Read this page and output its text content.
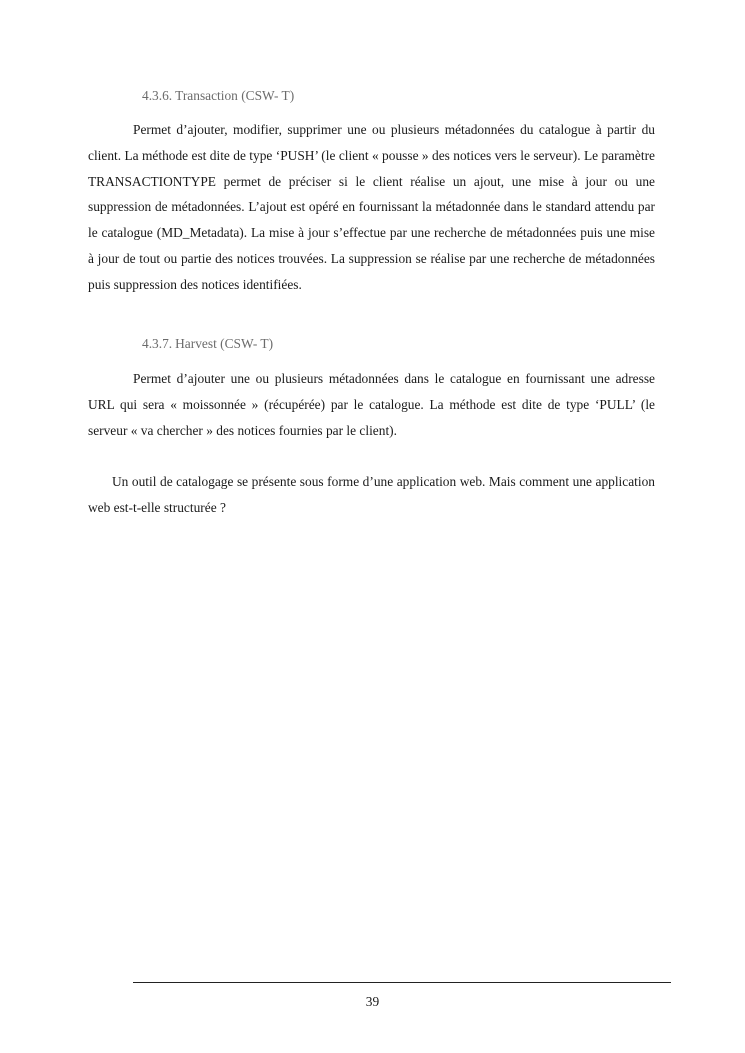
4.3.6. Transaction (CSW- T)

Permet d’ajouter, modifier, supprimer une ou plusieurs métadonnées du catalogue à partir du client. La méthode est dite de type ‘PUSH’ (le client « pousse » des notices vers le serveur). Le paramètre TRANSACTIONTYPE permet de préciser si le client réalise un ajout, une mise à jour ou une suppression de métadonnées. L’ajout est opéré en fournissant la métadonnée dans le standard attendu par le catalogue (MD_Metadata). La mise à jour s’effectue par une recherche de métadonnées puis une mise à jour de tout ou partie des notices trouvées. La suppression se réalise par une recherche de métadonnées puis suppression des notices identifiées.

4.3.7. Harvest (CSW- T)

Permet d’ajouter une ou plusieurs métadonnées dans le catalogue en fournissant une adresse URL qui sera « moissonnée » (récupérée) par le catalogue. La méthode est dite de type ‘PULL’ (le serveur « va chercher » des notices fournies par le client).

Un outil de catalogage se présente sous forme d’une application web. Mais comment une application web est-t-elle structurée ?

39
